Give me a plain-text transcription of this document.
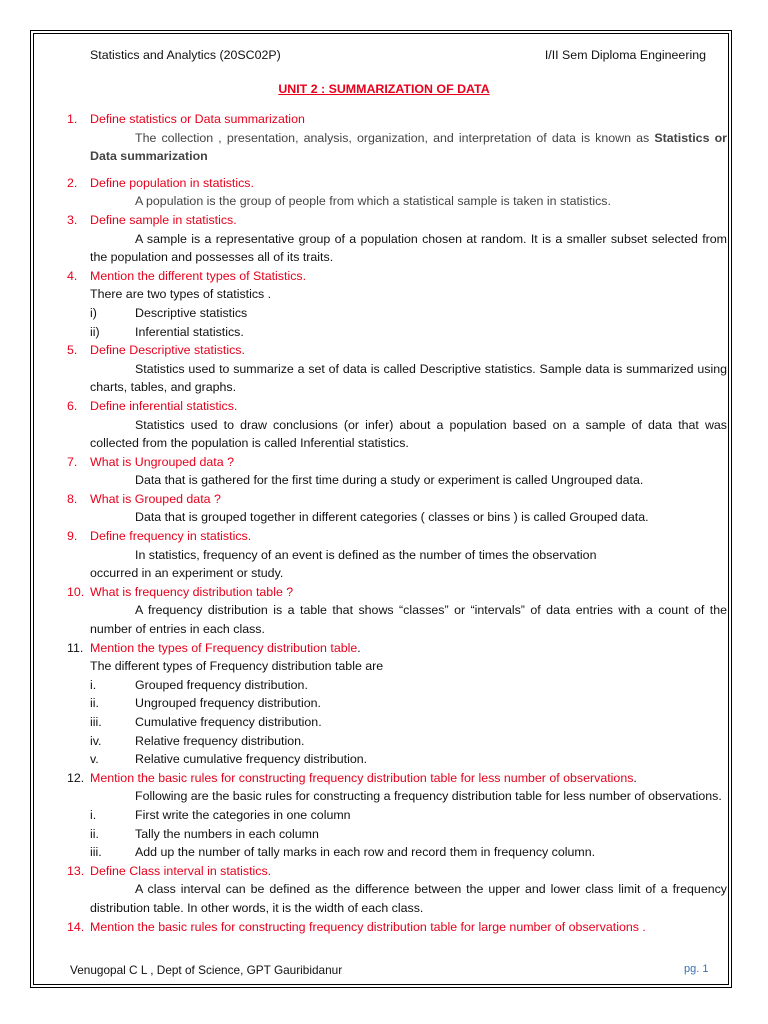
Statistics and Analytics (20SC02P)	I/II Sem Diploma Engineering
UNIT 2 : SUMMARIZATION OF DATA
1. Define statistics or Data summarization
The collection , presentation, analysis, organization, and interpretation of data is known as Statistics or Data summarization
2. Define population in statistics.
A population is the group of people from which a statistical sample is taken in statistics.
3. Define sample in statistics.
A sample is a representative group of a population chosen at random. It is a smaller subset selected from the population and possesses all of its traits.
4. Mention the different types of Statistics.
There are two types of statistics .
i)	Descriptive statistics
ii)	Inferential statistics.
5. Define Descriptive statistics.
Statistics used to summarize a set of data is called Descriptive statistics. Sample data is summarized using charts, tables, and graphs.
6. Define inferential statistics.
Statistics used to draw conclusions (or infer) about a population based on a sample of data that was collected from the population is called Inferential statistics.
7. What is Ungrouped data ?
Data that is gathered for the first time during a study or experiment is called Ungrouped data.
8. What is Grouped data ?
Data that is grouped together in different categories ( classes or bins ) is called Grouped data.
9. Define frequency in statistics.
In statistics, frequency of an event is defined as the number of times the observation
occurred in an experiment or study.
10. What is frequency distribution table ?
A frequency distribution is a table that shows “classes” or “intervals” of data entries with a count of the number of entries in each class.
11. Mention the types of Frequency distribution table.
The different types of Frequency distribution table are
i.	Grouped frequency distribution.
ii.	Ungrouped frequency distribution.
iii.	Cumulative frequency distribution.
iv.	Relative frequency distribution.
v.	Relative cumulative frequency distribution.
12. Mention the basic rules for constructing frequency distribution table for less number of observations.
Following are the basic rules for constructing a frequency distribution table for less number of observations.
i.	First write the categories in one column
ii.	Tally the numbers in each column
iii.	Add up the number of tally marks in each row and record them in frequency column.
13. Define Class interval in statistics.
A class interval can be defined as the difference between the upper and lower class limit of a frequency distribution table. In other words, it is the width of each class.
14. Mention the basic rules for constructing frequency distribution table for large number of observations .
Venugopal C L , Dept of Science, GPT Gauribidanur	pg. 1
